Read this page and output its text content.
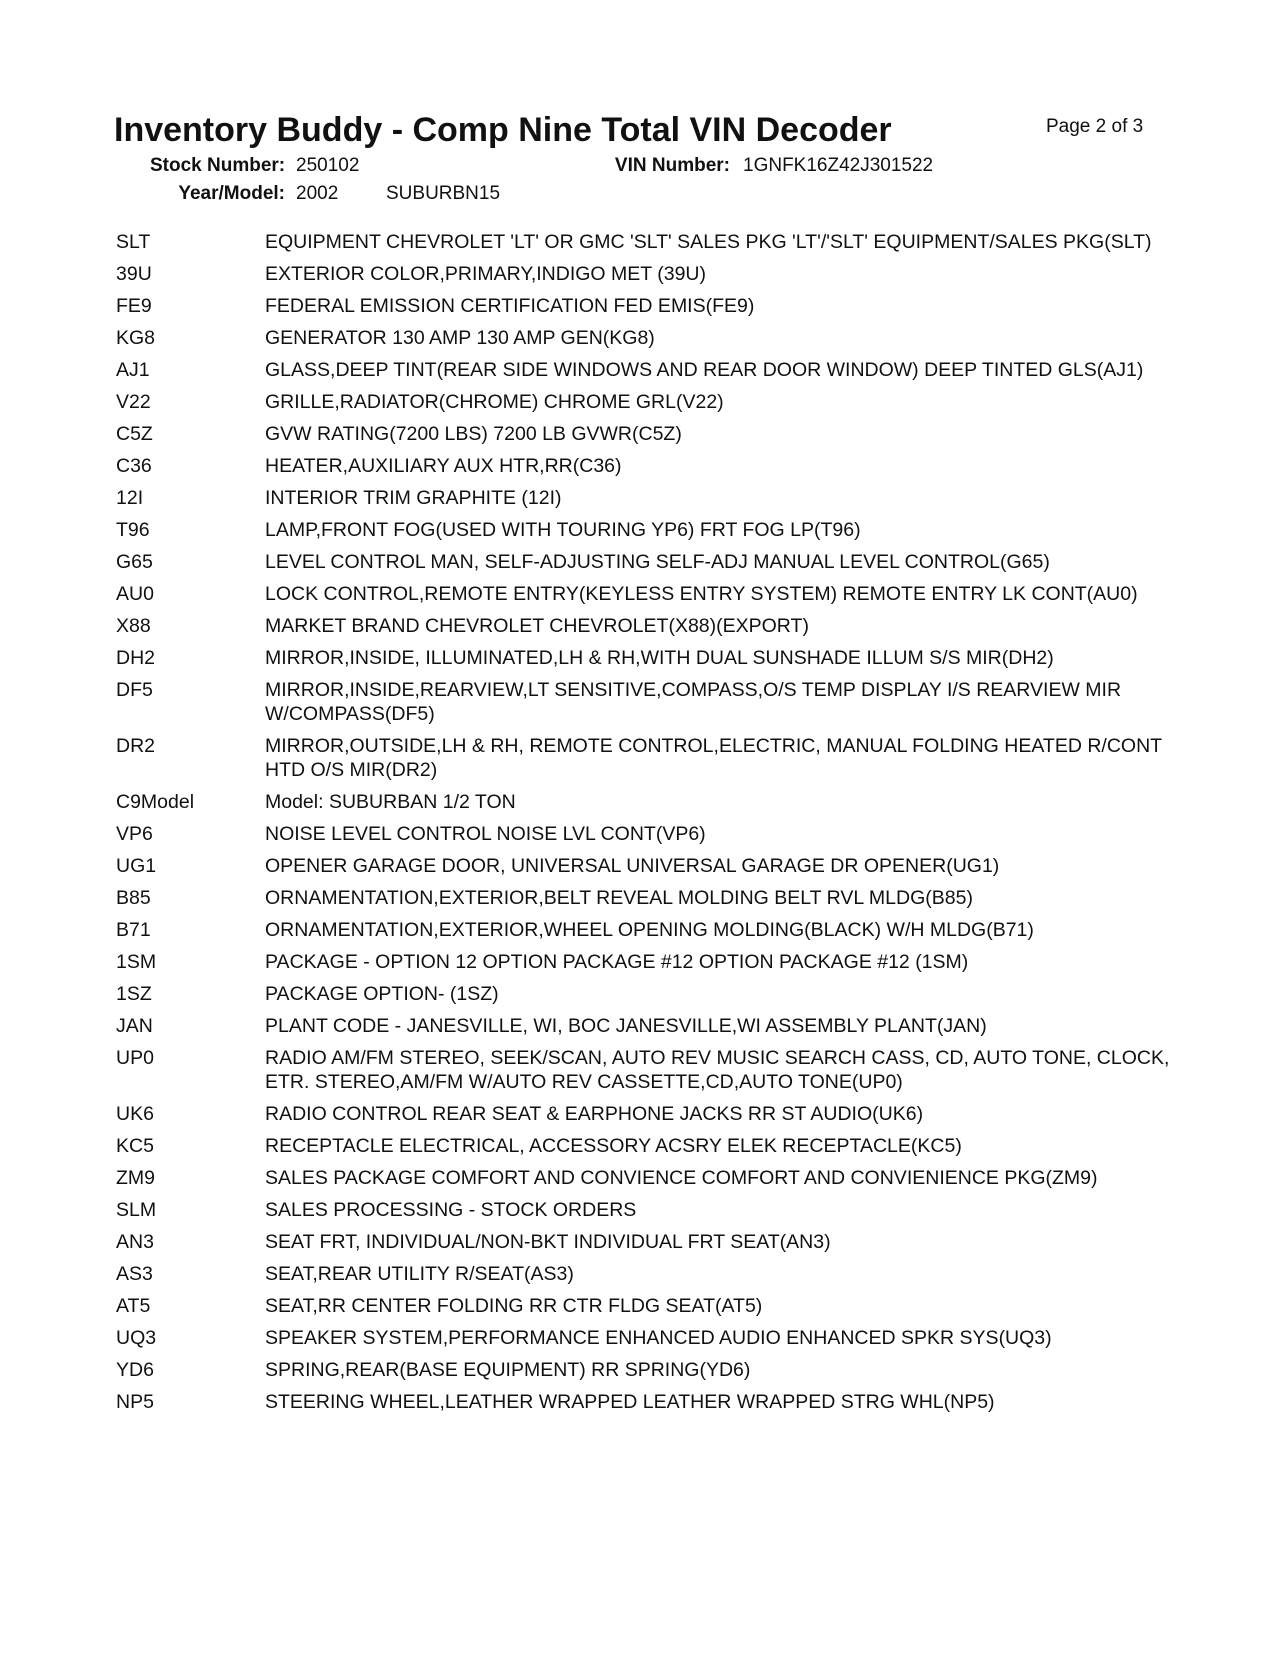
Inventory Buddy - Comp Nine Total VIN Decoder	Page 2 of 3
Stock Number: 250102	VIN Number: 1GNFK16Z42J301522
Year/Model: 2002	SUBURBN15
SLT	EQUIPMENT CHEVROLET 'LT' OR GMC 'SLT' SALES PKG 'LT'/'SLT' EQUIPMENT/SALES PKG(SLT)
39U	EXTERIOR COLOR,PRIMARY,INDIGO MET (39U)
FE9	FEDERAL EMISSION CERTIFICATION FED EMIS(FE9)
KG8	GENERATOR 130 AMP 130 AMP GEN(KG8)
AJ1	GLASS,DEEP TINT(REAR SIDE WINDOWS AND REAR DOOR WINDOW) DEEP TINTED GLS(AJ1)
V22	GRILLE,RADIATOR(CHROME) CHROME GRL(V22)
C5Z	GVW RATING(7200 LBS) 7200 LB GVWR(C5Z)
C36	HEATER,AUXILIARY AUX HTR,RR(C36)
12I	INTERIOR TRIM GRAPHITE (12I)
T96	LAMP,FRONT FOG(USED WITH TOURING YP6) FRT FOG LP(T96)
G65	LEVEL CONTROL MAN, SELF-ADJUSTING SELF-ADJ MANUAL LEVEL CONTROL(G65)
AU0	LOCK CONTROL,REMOTE ENTRY(KEYLESS ENTRY SYSTEM) REMOTE ENTRY LK CONT(AU0)
X88	MARKET BRAND CHEVROLET CHEVROLET(X88)(EXPORT)
DH2	MIRROR,INSIDE, ILLUMINATED,LH & RH,WITH DUAL SUNSHADE ILLUM S/S MIR(DH2)
DF5	MIRROR,INSIDE,REARVIEW,LT SENSITIVE,COMPASS,O/S TEMP DISPLAY I/S REARVIEW MIR W/COMPASS(DF5)
DR2	MIRROR,OUTSIDE,LH & RH, REMOTE CONTROL,ELECTRIC, MANUAL FOLDING HEATED R/CONT HTD O/S MIR(DR2)
C9Model	Model: SUBURBAN 1/2 TON
VP6	NOISE LEVEL CONTROL NOISE LVL CONT(VP6)
UG1	OPENER GARAGE DOOR, UNIVERSAL UNIVERSAL GARAGE DR OPENER(UG1)
B85	ORNAMENTATION,EXTERIOR,BELT REVEAL MOLDING BELT RVL MLDG(B85)
B71	ORNAMENTATION,EXTERIOR,WHEEL OPENING MOLDING(BLACK) W/H MLDG(B71)
1SM	PACKAGE - OPTION 12 OPTION PACKAGE #12 OPTION PACKAGE #12 (1SM)
1SZ	PACKAGE OPTION- (1SZ)
JAN	PLANT CODE - JANESVILLE, WI, BOC JANESVILLE,WI ASSEMBLY PLANT(JAN)
UP0	RADIO AM/FM STEREO, SEEK/SCAN, AUTO REV MUSIC SEARCH CASS, CD, AUTO TONE, CLOCK, ETR. STEREO,AM/FM W/AUTO REV CASSETTE,CD,AUTO TONE(UP0)
UK6	RADIO CONTROL REAR SEAT & EARPHONE JACKS RR ST AUDIO(UK6)
KC5	RECEPTACLE ELECTRICAL, ACCESSORY ACSRY ELEK RECEPTACLE(KC5)
ZM9	SALES PACKAGE COMFORT AND CONVIENCE COMFORT AND CONVIENIENCE PKG(ZM9)
SLM	SALES PROCESSING - STOCK ORDERS
AN3	SEAT FRT, INDIVIDUAL/NON-BKT INDIVIDUAL FRT SEAT(AN3)
AS3	SEAT,REAR UTILITY R/SEAT(AS3)
AT5	SEAT,RR CENTER FOLDING RR CTR FLDG SEAT(AT5)
UQ3	SPEAKER SYSTEM,PERFORMANCE ENHANCED AUDIO ENHANCED SPKR SYS(UQ3)
YD6	SPRING,REAR(BASE EQUIPMENT) RR SPRING(YD6)
NP5	STEERING WHEEL,LEATHER WRAPPED LEATHER WRAPPED STRG WHL(NP5)
